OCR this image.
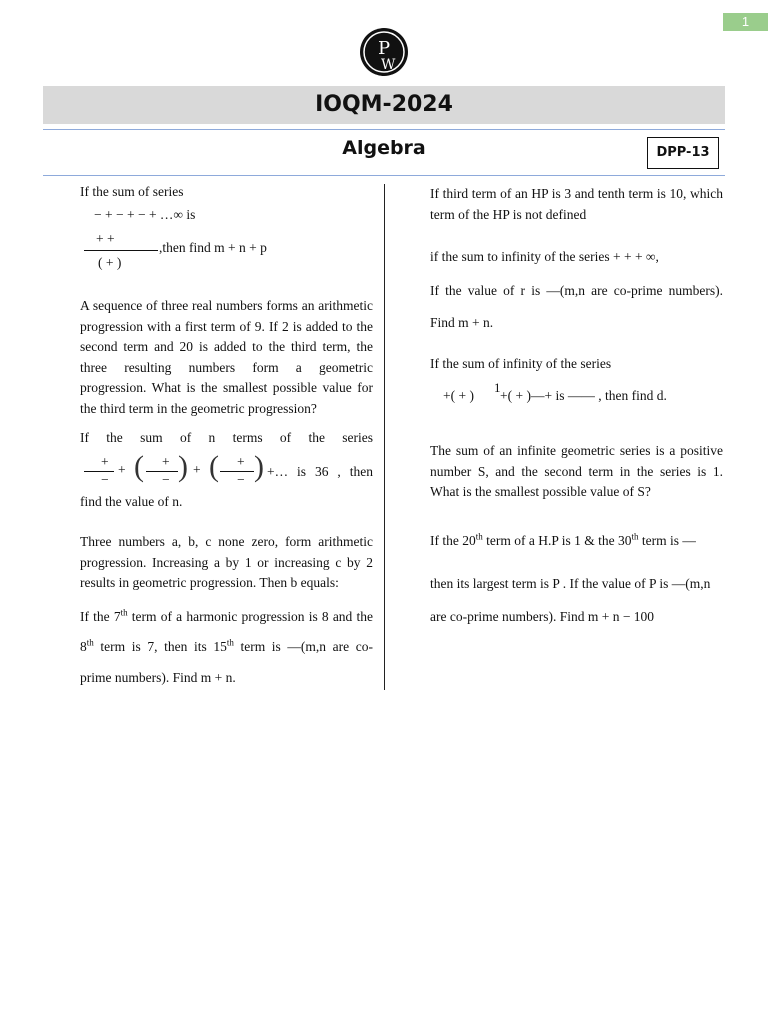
1
P
W
IOQM-2024
Algebra	DPP-13
If the sum of series
− + − + − + …∞ is
+ +
( + )
,then find m + n + p

A sequence of three real numbers forms an arithmetic progression with a first term of 9. If 2 is added to the second term and 20 is added to the third term, the three resulting numbers form a geometric progression. What is the smallest possible value for the third term in the geometric progression?

If the sum of n terms of the series

+
−
+ ( +
− ) + ( +
− ) +… is 36 , then

find the value of n.

Three numbers a, b, c none zero, form arithmetic progression. Increasing a by 1 or increasing c by 2 results in geometric progression. Then b equals:

If the 7th term of a harmonic progression is 8 and the

8th term is 7, then its 15th term is —(m,n are co-

prime numbers). Find m + n.

If third term of an HP is 3 and tenth term is 10, which term of the HP is not defined

if the sum to infinity of the series + + + ∞,

If the value of r is —(m,n are co-prime numbers).

Find m + n.
If the sum of infinity of the series
+( + )
1
+( + )—+ is —— , then find d.

The sum of an infinite geometric series is a positive number S, and the second term in the series is 1. What is the smallest possible value of S?

If the 20th term of a H.P is 1 & the 30th term is —
then its largest term is P . If the value of P is —(m,n
are co-prime numbers). Find m + n − 100
